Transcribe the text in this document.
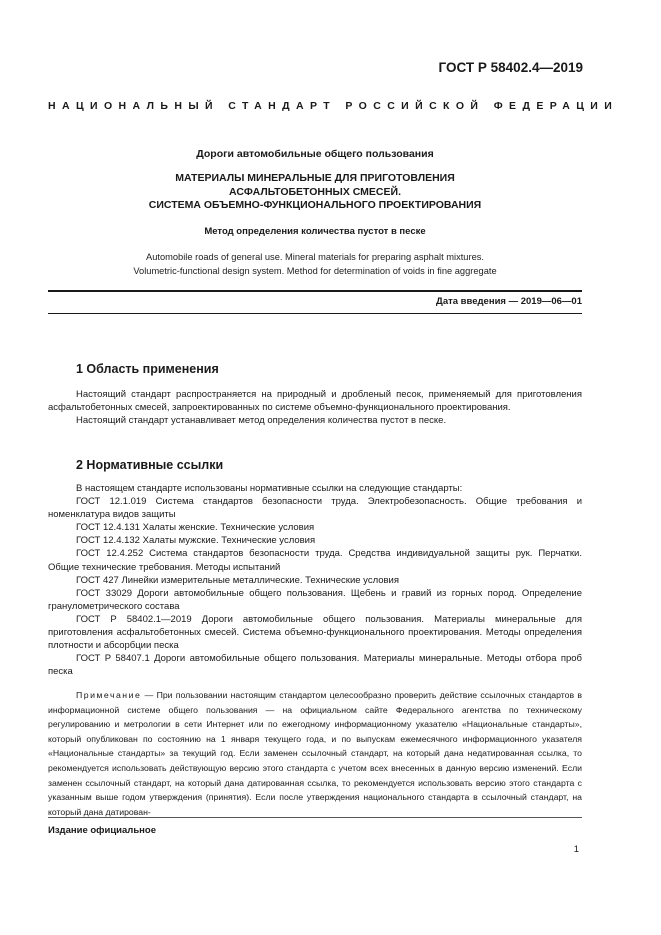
ГОСТ Р 58402.4—2019
НАЦИОНАЛЬНЫЙ СТАНДАРТ РОССИЙСКОЙ ФЕДЕРАЦИИ
Дороги автомобильные общего пользования
МАТЕРИАЛЫ МИНЕРАЛЬНЫЕ ДЛЯ ПРИГОТОВЛЕНИЯ
АСФАЛЬТОБЕТОННЫХ СМЕСЕЙ.
СИСТЕМА ОБЪЕМНО-ФУНКЦИОНАЛЬНОГО ПРОЕКТИРОВАНИЯ
Метод определения количества пустот в песке
Automobile roads of general use. Mineral materials for preparing asphalt mixtures.
Volumetric-functional design system. Method for determination of voids in fine aggregate
Дата введения — 2019—06—01
1 Область применения

Настоящий стандарт распространяется на природный и дробленый песок, применяемый для приготовления асфальтобетонных смесей, запроектированных по системе объемно-функционального проектирования.

Настоящий стандарт устанавливает метод определения количества пустот в песке.

2 Нормативные ссылки

В настоящем стандарте использованы нормативные ссылки на следующие стандарты:

ГОСТ 12.1.019 Система стандартов безопасности труда. Электробезопасность. Общие требования и номенклатура видов защиты

ГОСТ 12.4.131 Халаты женские. Технические условия

ГОСТ 12.4.132 Халаты мужские. Технические условия

ГОСТ 12.4.252 Система стандартов безопасности труда. Средства индивидуальной защиты рук. Перчатки. Общие технические требования. Методы испытаний

ГОСТ 427 Линейки измерительные металлические. Технические условия

ГОСТ 33029 Дороги автомобильные общего пользования. Щебень и гравий из горных пород. Определение гранулометрического состава

ГОСТ Р 58402.1—2019 Дороги автомобильные общего пользования. Материалы минеральные для приготовления асфальтобетонных смесей. Система объемно-функционального проектирования. Методы определения плотности и абсорбции песка

ГОСТ Р 58407.1 Дороги автомобильные общего пользования. Материалы минеральные. Методы отбора проб песка

Примечание — При пользовании настоящим стандартом целесообразно проверить действие ссылочных стандартов в информационной системе общего пользования — на официальном сайте Федерального агентства по техническому регулированию и метрологии в сети Интернет или по ежегодному информационному указателю «Национальные стандарты», который опубликован по состоянию на 1 января текущего года, и по выпускам ежемесячного информационного указателя «Национальные стандарты» за текущий год. Если заменен ссылочный стандарт, на который дана недатированная ссылка, то рекомендуется использовать действующую версию этого стандарта с учетом всех внесенных в данную версию изменений. Если заменен ссылочный стандарт, на который дана датированная ссылка, то рекомендуется использовать версию этого стандарта с указанным выше годом утверждения (принятия). Если после утверждения национального стандарта в ссылочный стандарт, на который дана датирован-

Издание официальное
1
